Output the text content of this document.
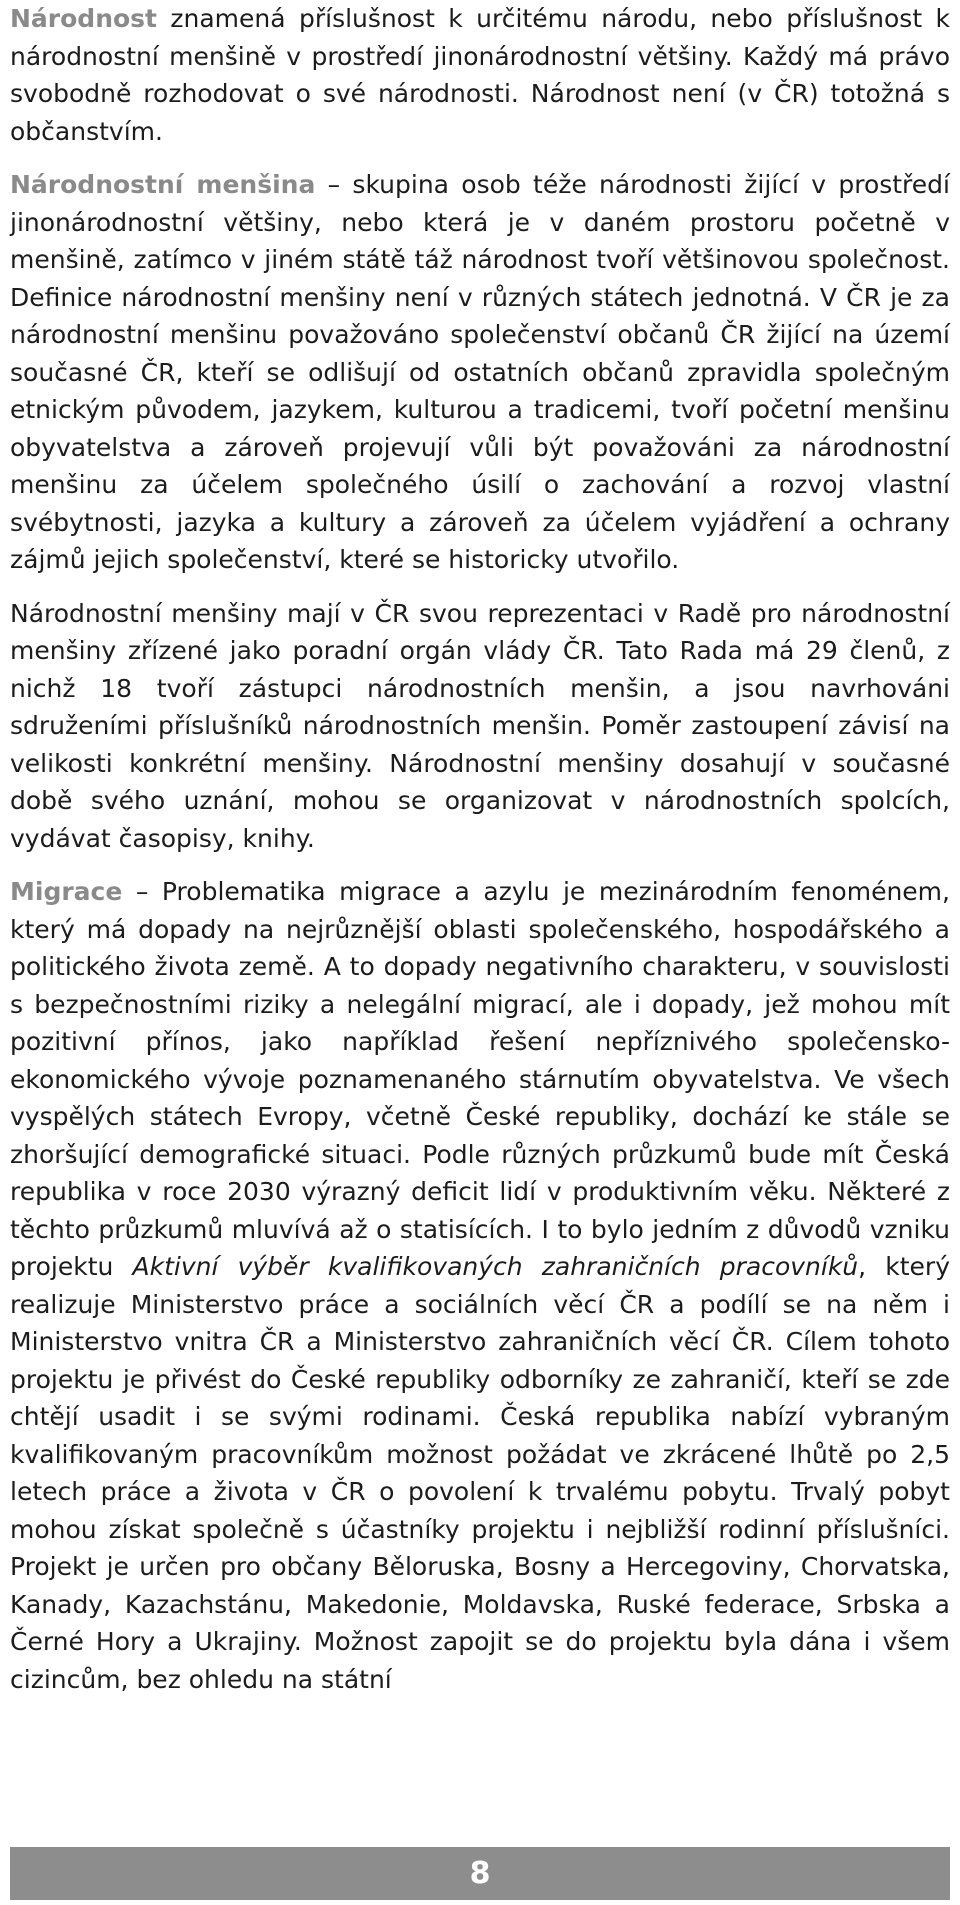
Národnost znamená příslušnost k určitému národu, nebo příslušnost k národnostní menšině v prostředí jinonárodnostní většiny. Každý má právo svobodně rozhodovat o své národnosti. Národnost není (v ČR) totožná s občanstvím.

Národnostní menšina – skupina osob téže národnosti žijící v prostředí jinonárodnostní většiny, nebo která je v daném prostoru početně v menšině, zatímco v jiném státě táž národnost tvoří většinovou společnost. Definice národnostní menšiny není v různých státech jednotná. V ČR je za národnostní menšinu považováno společenství občanů ČR žijící na území současné ČR, kteří se odlišují od ostatních občanů zpravidla společným etnickým původem, jazykem, kulturou a tradicemi, tvoří početní menšinu obyvatelstva a zároveň projevují vůli být považováni za národnostní menšinu za účelem společného úsilí o zachování a rozvoj vlastní svébytnosti, jazyka a kultury a zároveň za účelem vyjádření a ochrany zájmů jejich společenství, které se historicky utvořilo.

Národnostní menšiny mají v ČR svou reprezentaci v Radě pro národnostní menšiny zřízené jako poradní orgán vlády ČR. Tato Rada má 29 členů, z nichž 18 tvoří zástupci národnostních menšin, a jsou navrhováni sdruženími příslušníků národnostních menšin. Poměr zastoupení závisí na velikosti konkrétní menšiny. Národnostní menšiny dosahují v současné době svého uznání, mohou se organizovat v národnostních spolcích, vydávat časopisy, knihy.

Migrace – Problematika migrace a azylu je mezinárodním fenoménem, který má dopady na nejrůznější oblasti společenského, hospodářského a politického života země. A to dopady negativního charakteru, v souvislosti s bezpečnostními riziky a nelegální migrací, ale i dopady, jež mohou mít pozitivní přínos, jako například řešení nepříznivého společensko-ekonomického vývoje poznamenaného stárnutím obyvatelstva. Ve všech vyspělých státech Evropy, včetně České republiky, dochází ke stále se zhoršující demografické situaci. Podle různých průzkumů bude mít Česká republika v roce 2030 výrazný deficit lidí v produktivním věku. Některé z těchto průzkumů mluvívá až o statisících. I to bylo jedním z důvodů vzniku projektu Aktivní výběr kvalifikovaných zahraničních pracovníků, který realizuje Ministerstvo práce a sociálních věcí ČR a podílí se na něm i Ministerstvo vnitra ČR a Ministerstvo zahraničních věcí ČR. Cílem tohoto projektu je přivést do České republiky odborníky ze zahraničí, kteří se zde chtějí usadit i se svými rodinami. Česká republika nabízí vybraným kvalifikovaným pracovníkům možnost požádat ve zkrácené lhůtě po 2,5 letech práce a života v ČR o povolení k trvalému pobytu. Trvalý pobyt mohou získat společně s účastníky projektu i nejbližší rodinní příslušníci. Projekt je určen pro občany Běloruska, Bosny a Hercegoviny, Chorvatska, Kanady, Kazachstánu, Makedonie, Moldavska, Ruské federace, Srbska a Černé Hory a Ukrajiny. Možnost zapojit se do projektu byla dána i všem cizincům, bez ohledu na státní

8
